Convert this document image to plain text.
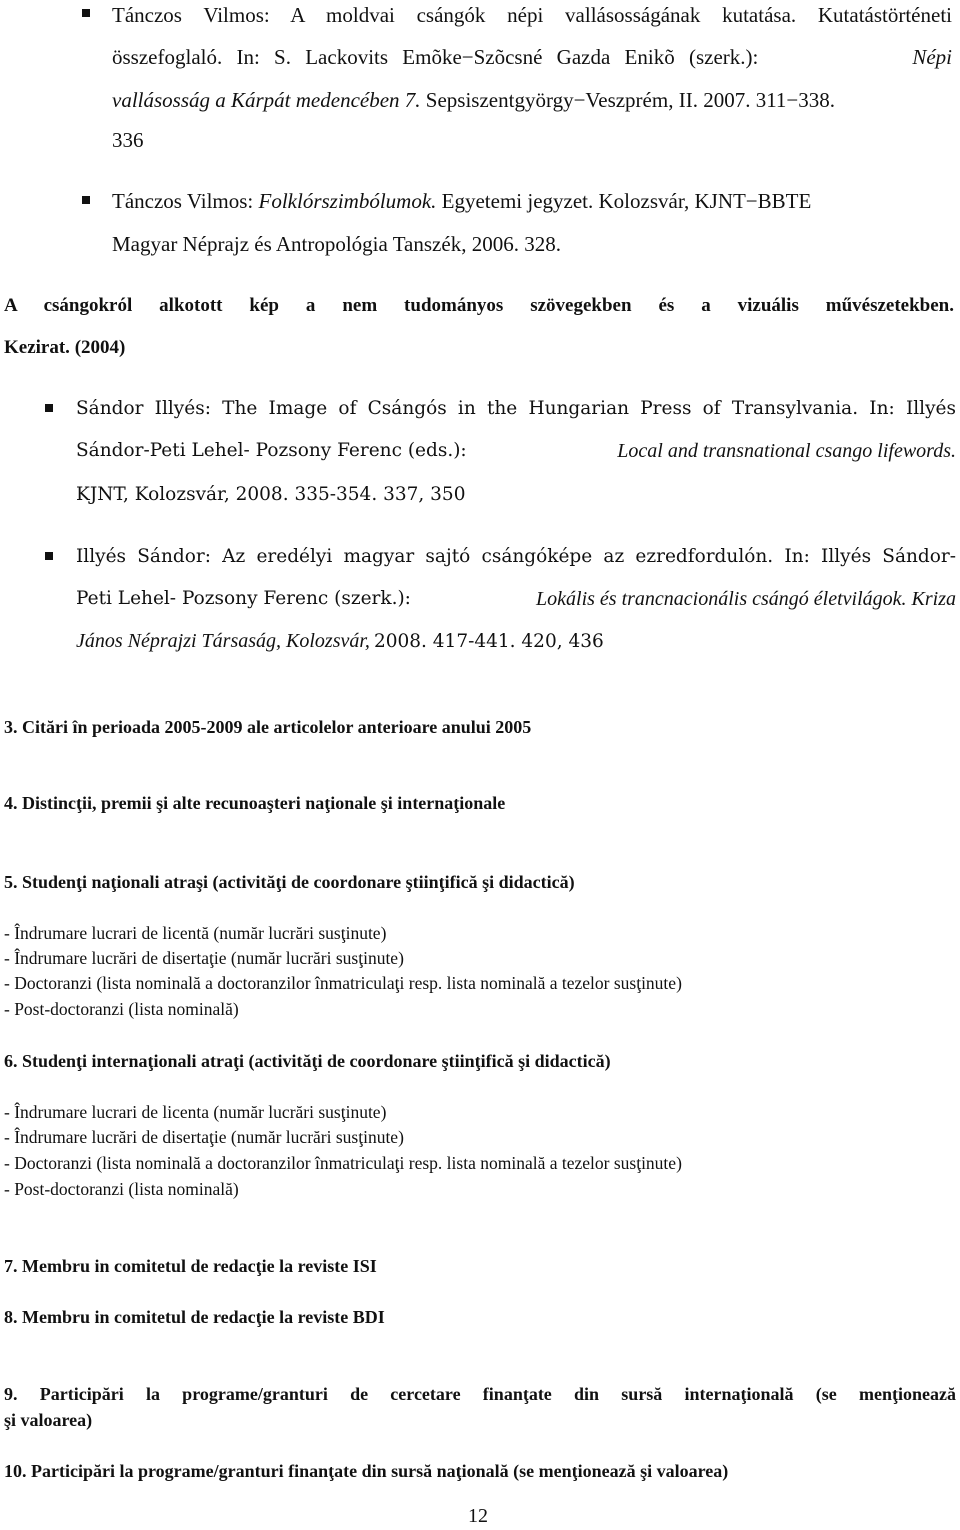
Tánczos Vilmos: A moldvai csángók népi vallásosságának kutatása. Kutatástörténeti
összefoglaló. In: S. Lackovits Emõke−Szõcsné Gazda Enikõ (szerk.):	Népi
vallásosság a Kárpát medencében 7. Sepsiszentgyörgy−Veszprém, II. 2007. 311−338.
336
Tánczos Vilmos: Folklórszimbólumok. Egyetemi jegyzet. Kolozsvár, KJNT−BBTE
Magyar Néprajz és Antropológia Tanszék, 2006. 328.
A csángokról alkotott kép a nem tudományos szövegekben és a vizuális művészetekben.
Kezirat. (2004)
Sándor Illyés: The Image of Csángós in the Hungarian Press of Transylvania. In: Illyés
Sándor-Peti Lehel- Pozsony Ferenc (eds.):	Local and transnational csango lifewords.
KJNT, Kolozsvár, 2008. 335-354. 337, 350
Illyés Sándor: Az eredélyi magyar sajtó csángóképe az ezredfordulón. In: Illyés Sándor-
Peti Lehel- Pozsony Ferenc (szerk.):	Lokális és trancnacionális csángó életvilágok. Kriza
János Néprajzi Társaság, Kolozsvár, 2008. 417-441. 420, 436
3. Citări în perioada 2005-2009 ale articolelor anterioare anului 2005
4. Distincţii, premii şi alte recunoaşteri naţionale şi internaţionale
5. Studenţi naţionali atraşi (activităţi de coordonare ştiinţifică şi didactică)
- Îndrumare lucrari de licentă (număr lucrări susţinute)
- Îndrumare lucrări de disertaţie (număr lucrări susţinute)
- Doctoranzi (lista nominală a doctoranzilor înmatriculaţi resp. lista nominală a tezelor susţinute)
- Post-doctoranzi (lista nominală)
6. Studenţi internaţionali atraţi (activităţi de coordonare ştiinţifică şi didactică)
- Îndrumare lucrari de licenta (număr lucrări susţinute)
- Îndrumare lucrări de disertaţie (număr lucrări susţinute)
- Doctoranzi (lista nominală a doctoranzilor înmatriculaţi resp. lista nominală a tezelor susţinute)
- Post-doctoranzi (lista nominală)
7. Membru in comitetul de redacţie la reviste ISI
8. Membru in comitetul de redacţie la reviste BDI
9. Participări la programe/granturi de cercetare finanţate din sursă internaţională (se menţionează
şi valoarea)
10. Participări la programe/granturi finanţate din sursă naţională (se menţionează şi valoarea)
12
